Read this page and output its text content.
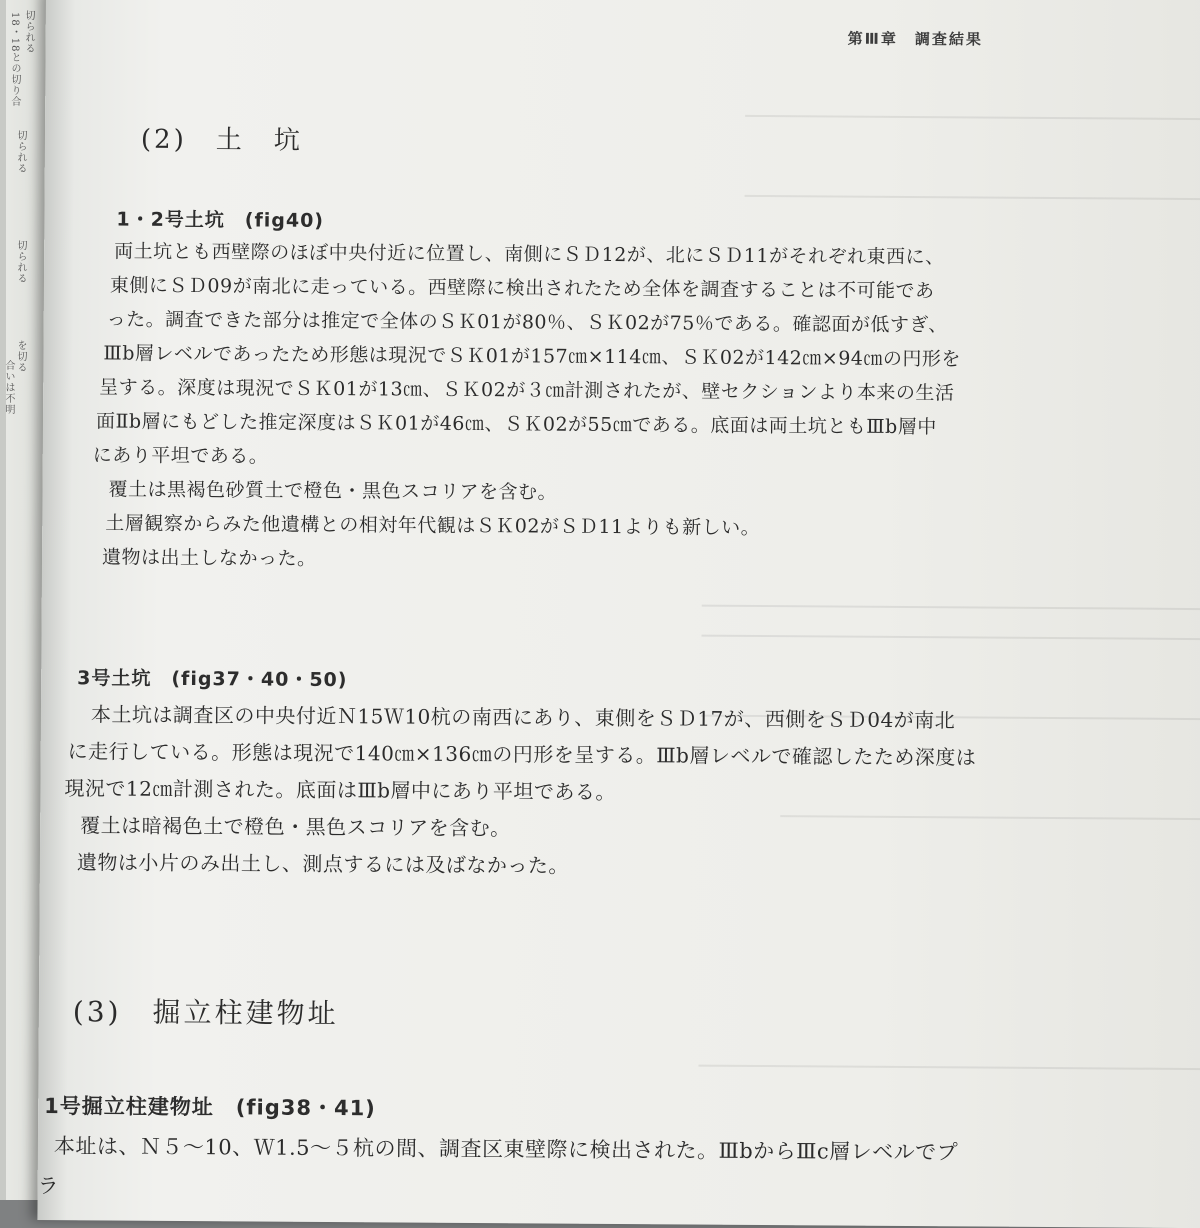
切られる
18・18との切り合
切られる
切られる
を切る
合いは不明
第Ⅲ章　調査結果
(2)　土　坑
1・2号土坑　(fig40)
両土坑とも西壁際のほぼ中央付近に位置し、南側にＳＤ12が、北にＳＤ11がそれぞれ東西に、
東側にＳＤ09が南北に走っている。西壁際に検出されたため全体を調査することは不可能であ
った。調査できた部分は推定で全体のＳＫ01が80％、ＳＫ02が75％である。確認面が低すぎ、
Ⅲb層レベルであったため形態は現況でＳＫ01が157㎝×114㎝、ＳＫ02が142㎝×94㎝の円形を
呈する。深度は現況でＳＫ01が13㎝、ＳＫ02が３㎝計測されたが、壁セクションより本来の生活
面Ⅱb層にもどした推定深度はＳＫ01が46㎝、ＳＫ02が55㎝である。底面は両土坑ともⅢb層中
にあり平坦である。
覆土は黒褐色砂質土で橙色・黒色スコリアを含む。
土層観察からみた他遺構との相対年代観はＳＫ02がＳＤ11よりも新しい。
遺物は出土しなかった。
3号土坑　(fig37・40・50)
本土坑は調査区の中央付近Ｎ15Ｗ10杭の南西にあり、東側をＳＤ17が、西側をＳＤ04が南北
に走行している。形態は現況で140㎝×136㎝の円形を呈する。Ⅲb層レベルで確認したため深度は
現況で12㎝計測された。底面はⅢb層中にあり平坦である。
覆土は暗褐色土で橙色・黒色スコリアを含む。
遺物は小片のみ出土し、測点するには及ばなかった。
(3)　掘立柱建物址
1号掘立柱建物址　(fig38・41)
本址は、Ｎ５～10、Ｗ1.5～５杭の間、調査区東壁際に検出された。ⅢbからⅢc層レベルでプ
ラ
